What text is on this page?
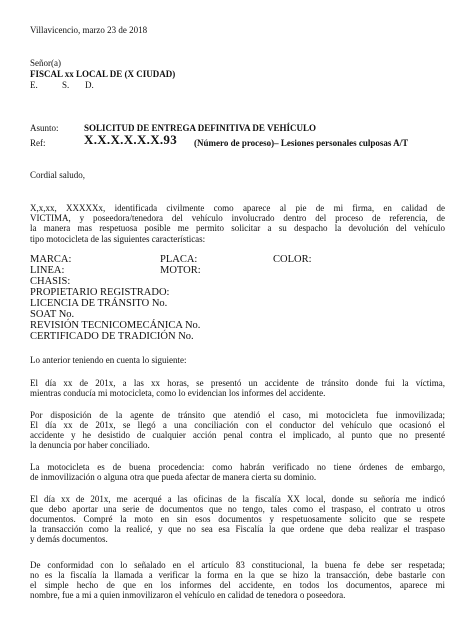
Villavicencio, marzo 23 de 2018
Señor(a)
FISCAL xx LOCAL DE (X CIUDAD)
E.	S. D.
Asunto:	SOLICITUD DE ENTREGA DEFINITIVA DE VEHÍCULO
Ref:	X.X.X.X.X.X.93 (Número de proceso)– Lesiones personales culposas A/T
Cordial saludo,
X,x,xx, XXXXXx, identificada civilmente como aparece al pie de mi firma, en calidad de
VICTIMA, y poseedora/tenedora del vehículo involucrado dentro del proceso de referencia, de
la manera mas respetuosa posible me permito solicitar a su despacho la devolución del vehículo
tipo motocicleta de las siguientes características:
MARCA:	PLACA:	COLOR:
LINEA:	MOTOR:
CHASIS:
PROPIETARIO REGISTRADO:
LICENCIA DE TRÁNSITO No.
SOAT No.
REVISIÓN TECNICOMECÁNICA No.
CERTIFICADO DE TRADICIÓN No.
Lo anterior teniendo en cuenta lo siguiente:
El día xx de 201x, a las xx horas, se presentó un accidente de tránsito donde fui la víctima,
mientras conducía mi motocicleta, como lo evidencian los informes del accidente.
Por disposición de la agente de tránsito que atendió el caso, mi motocicleta fue inmovilizada;
El día xx de 201x, se llegó a una conciliación con el conductor del vehículo que ocasionó el
accidente y he desistido de cualquier acción penal contra el implicado, al punto que no presenté
la denuncia por haber conciliado.
La motocicleta es de buena procedencia: como habrán verificado no tiene órdenes de embargo,
de inmovilización o alguna otra que pueda afectar de manera cierta su dominio.
El día xx de 201x, me acerqué a las oficinas de la fiscalía XX local, donde su señoría me indicó
que debo aportar una serie de documentos que no tengo, tales como el traspaso, el contrato u otros
documentos. Compré la moto en sin esos documentos y respetuosamente solicito que se respete
la transacción como la realicé, y que no sea esa Fiscalía la que ordene que deba realizar el traspaso
y demás documentos.
De conformidad con lo señalado en el artículo 83 constitucional, la buena fe debe ser respetada;
no es la fiscalía la llamada a verificar la forma en la que se hizo la transacción, debe bastarle con
el simple hecho de que en los informes del accidente, en todos los documentos, aparece mi
nombre, fue a mi a quien inmovilizaron el vehículo en calidad de tenedora o poseedora.
